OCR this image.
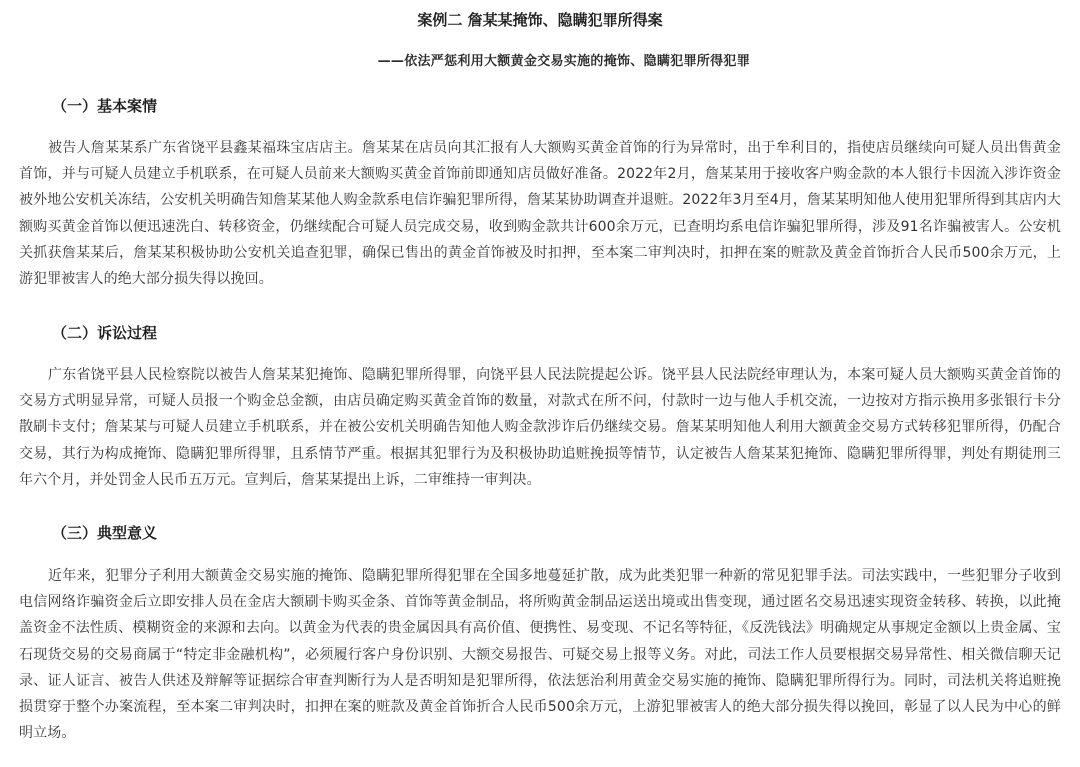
案例二 詹某某掩饰、隐瞒犯罪所得案
——依法严惩利用大额黄金交易实施的掩饰、隐瞒犯罪所得犯罪
（一）基本案情
被告人詹某某系广东省饶平县鑫某福珠宝店店主。詹某某在店员向其汇报有人大额购买黄金首饰的行为异常时，出于牟利目的，指使店员继续向可疑人员出售黄金首饰，并与可疑人员建立手机联系，在可疑人员前来大额购买黄金首饰前即通知店员做好准备。2022年2月，詹某某用于接收客户购金款的本人银行卡因流入涉诈资金被外地公安机关冻结，公安机关明确告知詹某某他人购金款系电信诈骗犯罪所得，詹某某协助调查并退赃。2022年3月至4月，詹某某明知他人使用犯罪所得到其店内大额购买黄金首饰以便迅速洗白、转移资金，仍继续配合可疑人员完成交易，收到购金款共计600余万元，已查明均系电信诈骗犯罪所得，涉及91名诈骗被害人。公安机关抓获詹某某后，詹某某积极协助公安机关追查犯罪，确保已售出的黄金首饰被及时扣押，至本案二审判决时，扣押在案的赃款及黄金首饰折合人民币500余万元，上游犯罪被害人的绝大部分损失得以挽回。
（二）诉讼过程
广东省饶平县人民检察院以被告人詹某某犯掩饰、隐瞒犯罪所得罪，向饶平县人民法院提起公诉。饶平县人民法院经审理认为，本案可疑人员大额购买黄金首饰的交易方式明显异常，可疑人员报一个购金总金额，由店员确定购买黄金首饰的数量，对款式在所不问，付款时一边与他人手机交流，一边按对方指示换用多张银行卡分散刷卡支付；詹某某与可疑人员建立手机联系，并在被公安机关明确告知他人购金款涉诈后仍继续交易。詹某某明知他人利用大额黄金交易方式转移犯罪所得，仍配合交易，其行为构成掩饰、隐瞒犯罪所得罪，且系情节严重。根据其犯罪行为及积极协助追赃挽损等情节，认定被告人詹某某犯掩饰、隐瞒犯罪所得罪，判处有期徒刑三年六个月，并处罚金人民币五万元。宣判后，詹某某提出上诉，二审维持一审判决。
（三）典型意义
近年来，犯罪分子利用大额黄金交易实施的掩饰、隐瞒犯罪所得犯罪在全国多地蔓延扩散，成为此类犯罪一种新的常见犯罪手法。司法实践中，一些犯罪分子收到电信网络诈骗资金后立即安排人员在金店大额刷卡购买金条、首饰等黄金制品，将所购黄金制品运送出境或出售变现，通过匿名交易迅速实现资金转移、转换，以此掩盖资金不法性质、模糊资金的来源和去向。以黄金为代表的贵金属因具有高价值、便携性、易变现、不记名等特征，《反洗钱法》明确规定从事规定金额以上贵金属、宝石现货交易的交易商属于“特定非金融机构”，必须履行客户身份识别、大额交易报告、可疑交易上报等义务。对此，司法工作人员要根据交易异常性、相关微信聊天记录、证人证言、被告人供述及辩解等证据综合审查判断行为人是否明知是犯罪所得，依法惩治利用黄金交易实施的掩饰、隐瞒犯罪所得行为。同时，司法机关将追赃挽损贯穿于整个办案流程，至本案二审判决时，扣押在案的赃款及黄金首饰折合人民币500余万元，上游犯罪被害人的绝大部分损失得以挽回，彰显了以人民为中心的鲜明立场。
